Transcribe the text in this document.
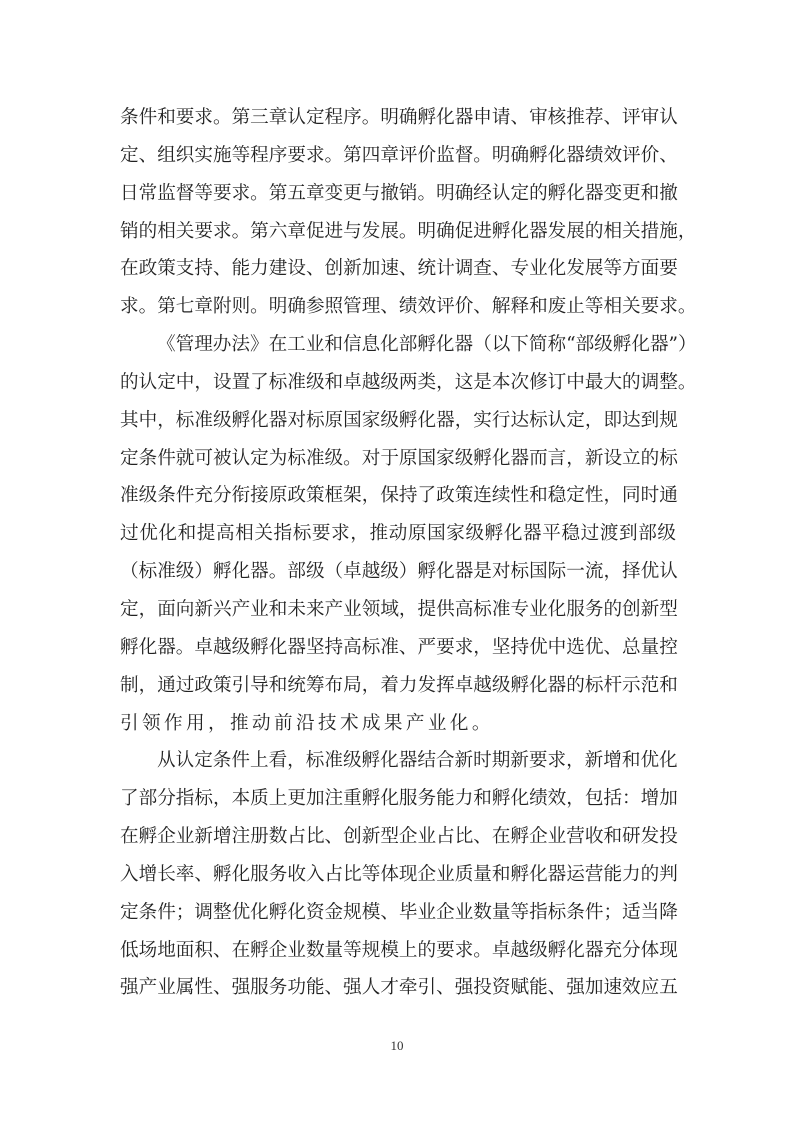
条件和要求。第三章认定程序。明确孵化器申请、审核推荐、评审认
定、组织实施等程序要求。第四章评价监督。明确孵化器绩效评价、
日常监督等要求。第五章变更与撤销。明确经认定的孵化器变更和撤
销的相关要求。第六章促进与发展。明确促进孵化器发展的相关措施，
在政策支持、能力建设、创新加速、统计调查、专业化发展等方面要
求。第七章附则。明确参照管理、绩效评价、解释和废止等相关要求。
《管理办法》在工业和信息化部孵化器（以下简称“部级孵化器”）
的认定中，设置了标准级和卓越级两类，这是本次修订中最大的调整。
其中，标准级孵化器对标原国家级孵化器，实行达标认定，即达到规
定条件就可被认定为标准级。对于原国家级孵化器而言，新设立的标
准级条件充分衔接原政策框架，保持了政策连续性和稳定性，同时通
过优化和提高相关指标要求，推动原国家级孵化器平稳过渡到部级
（标准级）孵化器。部级（卓越级）孵化器是对标国际一流，择优认
定，面向新兴产业和未来产业领域，提供高标准专业化服务的创新型
孵化器。卓越级孵化器坚持高标准、严要求，坚持优中选优、总量控
制，通过政策引导和统筹布局，着力发挥卓越级孵化器的标杆示范和
引领作用，推动前沿技术成果产业化。
从认定条件上看，标准级孵化器结合新时期新要求，新增和优化
了部分指标，本质上更加注重孵化服务能力和孵化绩效，包括：增加
在孵企业新增注册数占比、创新型企业占比、在孵企业营收和研发投
入增长率、孵化服务收入占比等体现企业质量和孵化器运营能力的判
定条件；调整优化孵化资金规模、毕业企业数量等指标条件；适当降
低场地面积、在孵企业数量等规模上的要求。卓越级孵化器充分体现
强产业属性、强服务功能、强人才牵引、强投资赋能、强加速效应五
10
